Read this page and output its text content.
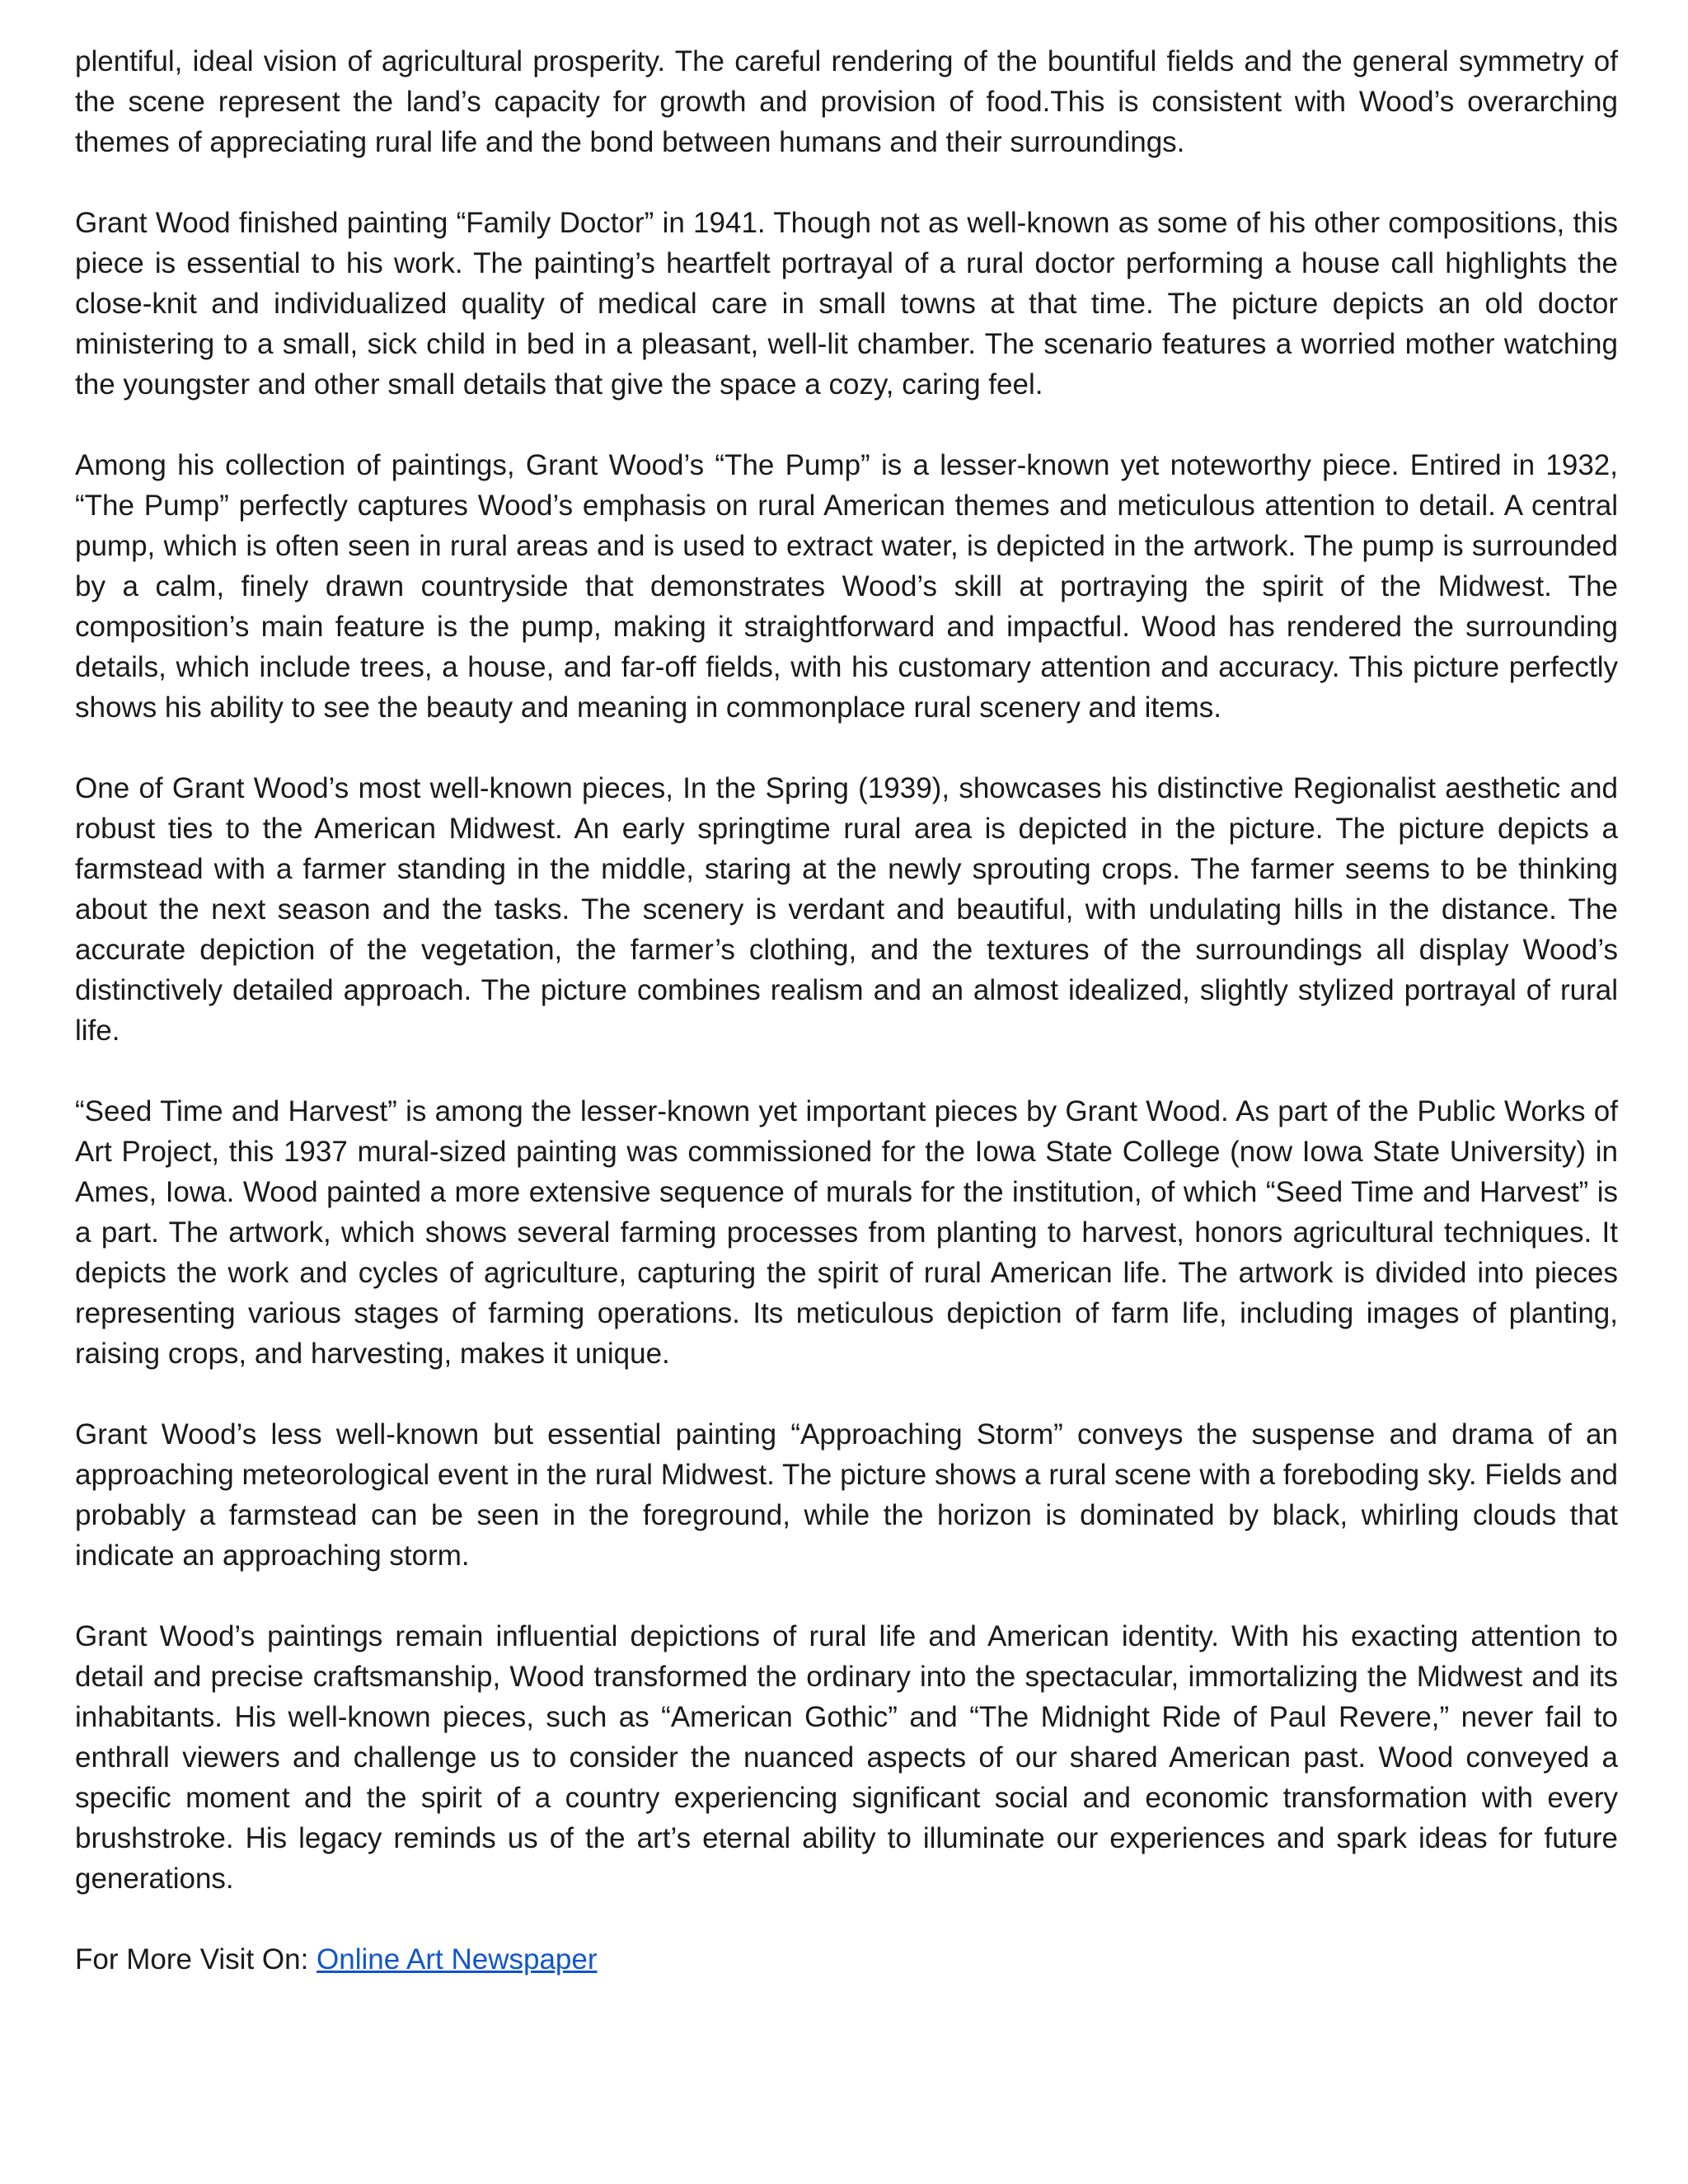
plentiful, ideal vision of agricultural prosperity. The careful rendering of the bountiful fields and the general symmetry of the scene represent the land’s capacity for growth and provision of food.This is consistent with Wood’s overarching themes of appreciating rural life and the bond between humans and their surroundings.

Grant Wood finished painting “Family Doctor” in 1941. Though not as well-known as some of his other compositions, this piece is essential to his work. The painting’s heartfelt portrayal of a rural doctor performing a house call highlights the close-knit and individualized quality of medical care in small towns at that time. The picture depicts an old doctor ministering to a small, sick child in bed in a pleasant, well-lit chamber. The scenario features a worried mother watching the youngster and other small details that give the space a cozy, caring feel.

Among his collection of paintings, Grant Wood’s “The Pump” is a lesser-known yet noteworthy piece. Entired in 1932, “The Pump” perfectly captures Wood’s emphasis on rural American themes and meticulous attention to detail. A central pump, which is often seen in rural areas and is used to extract water, is depicted in the artwork. The pump is surrounded by a calm, finely drawn countryside that demonstrates Wood’s skill at portraying the spirit of the Midwest. The composition’s main feature is the pump, making it straightforward and impactful. Wood has rendered the surrounding details, which include trees, a house, and far-off fields, with his customary attention and accuracy. This picture perfectly shows his ability to see the beauty and meaning in commonplace rural scenery and items.

One of Grant Wood’s most well-known pieces, In the Spring (1939), showcases his distinctive Regionalist aesthetic and robust ties to the American Midwest. An early springtime rural area is depicted in the picture. The picture depicts a farmstead with a farmer standing in the middle, staring at the newly sprouting crops. The farmer seems to be thinking about the next season and the tasks. The scenery is verdant and beautiful, with undulating hills in the distance. The accurate depiction of the vegetation, the farmer’s clothing, and the textures of the surroundings all display Wood’s distinctively detailed approach. The picture combines realism and an almost idealized, slightly stylized portrayal of rural life.

“Seed Time and Harvest” is among the lesser-known yet important pieces by Grant Wood. As part of the Public Works of Art Project, this 1937 mural-sized painting was commissioned for the Iowa State College (now Iowa State University) in Ames, Iowa. Wood painted a more extensive sequence of murals for the institution, of which “Seed Time and Harvest” is a part. The artwork, which shows several farming processes from planting to harvest, honors agricultural techniques. It depicts the work and cycles of agriculture, capturing the spirit of rural American life. The artwork is divided into pieces representing various stages of farming operations. Its meticulous depiction of farm life, including images of planting, raising crops, and harvesting, makes it unique.

Grant Wood’s less well-known but essential painting “Approaching Storm” conveys the suspense and drama of an approaching meteorological event in the rural Midwest. The picture shows a rural scene with a foreboding sky. Fields and probably a farmstead can be seen in the foreground, while the horizon is dominated by black, whirling clouds that indicate an approaching storm.

Grant Wood’s paintings remain influential depictions of rural life and American identity. With his exacting attention to detail and precise craftsmanship, Wood transformed the ordinary into the spectacular, immortalizing the Midwest and its inhabitants. His well-known pieces, such as “American Gothic” and “The Midnight Ride of Paul Revere,” never fail to enthrall viewers and challenge us to consider the nuanced aspects of our shared American past. Wood conveyed a specific moment and the spirit of a country experiencing significant social and economic transformation with every brushstroke. His legacy reminds us of the art’s eternal ability to illuminate our experiences and spark ideas for future generations.

For More Visit On: Online Art Newspaper
